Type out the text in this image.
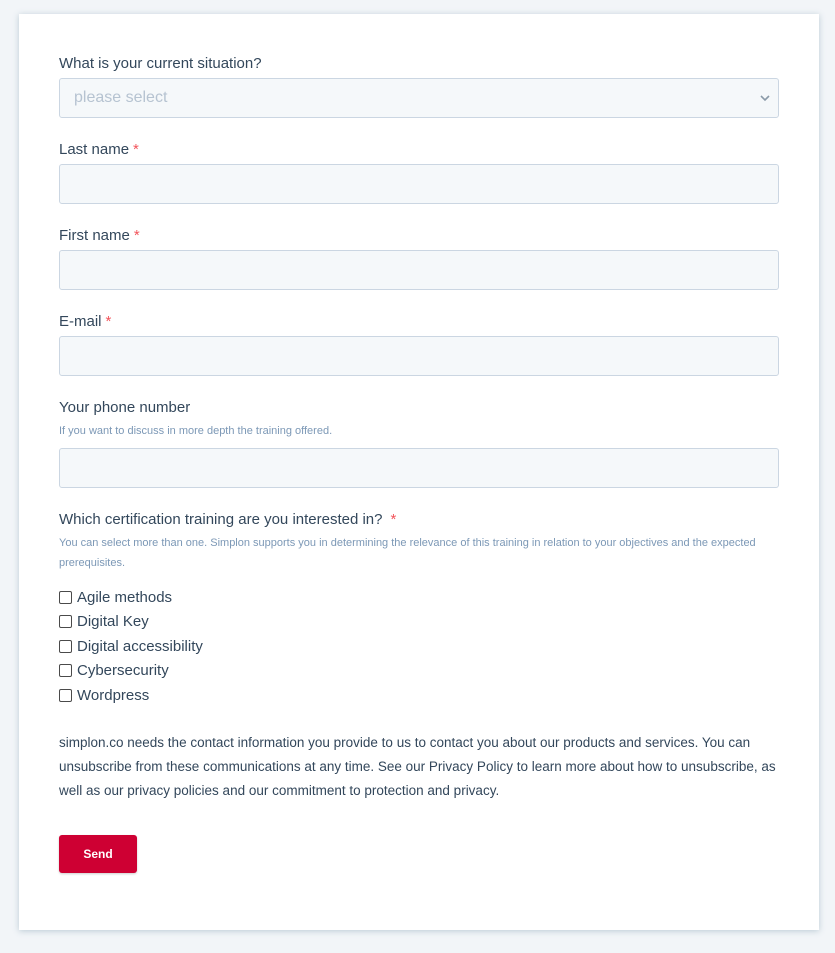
What is your current situation?
please select
Last name *
First name *
E-mail *
Your phone number
If you want to discuss in more depth the training offered.
Which certification training are you interested in? *
You can select more than one. Simplon supports you in determining the relevance of this training in relation to your objectives and the expected prerequisites.
Agile methods
Digital Key
Digital accessibility
Cybersecurity
Wordpress
simplon.co needs the contact information you provide to us to contact you about our products and services. You can unsubscribe from these communications at any time. See our Privacy Policy to learn more about how to unsubscribe, as well as our privacy policies and our commitment to protection and privacy.
Send
